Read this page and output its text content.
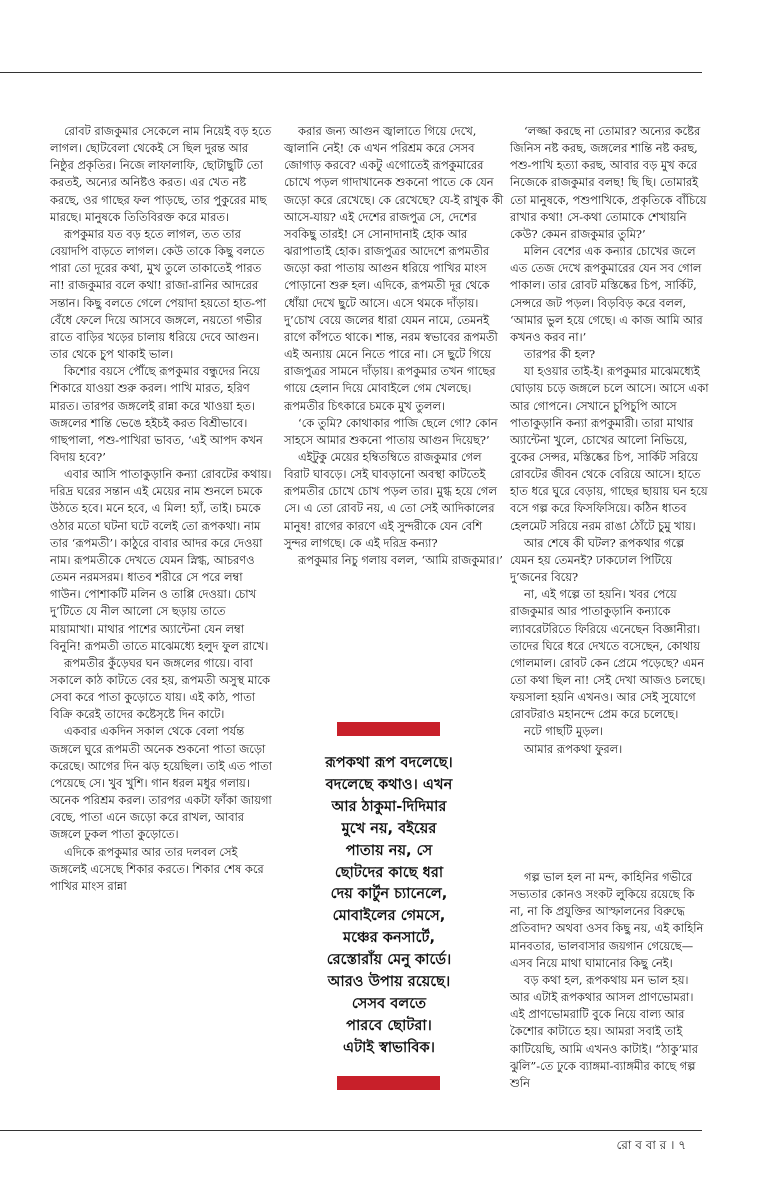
রোবট রাজকুমার সেকেলে নাম নিয়েই বড় হতে লাগল। ছোটবেলা থেকেই সে ছিল দুরন্ত আর নিষ্ঠুর প্রকৃতির। নিজে লাফালাফি, ছোটাছুটি তো করতই, অন্যের অনিষ্টও করত। এর খেত নষ্ট করছে, ওর গাছের ফল পাড়ছে, তার পুকুরের মাছ মারছে। মানুষকে তিতিবিরক্ত করে মারত।

রূপকুমার যত বড় হতে লাগল, তত তার বেয়াদপি বাড়তে লাগল। কেউ তাকে কিছু বলতে পারা তো দূরের কথা, মুখ তুলে তাকাতেই পারত না! রাজকুমার বলে কথা! রাজা-রানির আদরের সন্তান। কিছু বলতে গেলে পেয়াদা হয়তো হাত-পা বেঁধে ফেলে দিয়ে আসবে জঙ্গলে, নয়তো গভীর রাতে বাড়ির খড়ের চালায় ধরিয়ে দেবে আগুন। তার থেকে চুপ থাকাই ভাল।

কিশোর বয়সে পৌঁছে রূপকুমার বন্ধুদের নিয়ে শিকারে যাওয়া শুরু করল। পাখি মারত, হরিণ মারত। তারপর জঙ্গলেই রান্না করে খাওয়া হত। জঙ্গলের শান্তি ভেঙে হইচই করত বিশ্রীভাবে। গাছপালা, পশু-পাখিরা ভাবত, ‘এই আপদ কখন বিদায় হবে?’

এবার আসি পাতাকুড়ানি কন্যা রোবটের কথায়। দরিদ্র ঘরের সন্তান এই মেয়ের নাম শুনলে চমকে উঠতে হবে। মনে হবে, এ মিল! হ্যাঁ, তাই। চমকে ওঠার মতো ঘটনা ঘটে বলেই তো রূপকথা। নাম তার ‘রূপমতী’। কাঠুরে বাবার আদর করে দেওয়া নাম। রূপমতীকে দেখতে যেমন স্নিগ্ধ, আচরণও তেমন নরমসরম। ধাতব শরীরে সে পরে লম্বা গাউন। পোশাকটি মলিন ও তাপ্পি দেওয়া। চোখ দু’টিতে যে নীল আলো সে ছড়ায় তাতে মায়ামাখা। মাথার পাশের অ্যান্টেনা যেন লম্বা বিনুনি! রূপমতী তাতে মাঝেমধ্যে হলুদ ফুল রাখে।

রূপমতীর কুঁড়েঘর ঘন জঙ্গলের গায়ে। বাবা সকালে কাঠ কাটতে বের হয়, রূপমতী অসুস্থ মাকে সেবা করে পাতা কুড়োতে যায়। এই কাঠ, পাতা বিক্রি করেই তাদের কষ্টেসৃষ্টে দিন কাটে।

একবার একদিন সকাল থেকে বেলা পর্যন্ত জঙ্গলে ঘুরে রূপমতী অনেক শুকনো পাতা জড়ো করেছে। আগের দিন ঝড় হয়েছিল। তাই এত পাতা পেয়েছে সে। খুব খুশি। গান ধরল মধুর গলায়। অনেক পরিশ্রম করল। তারপর একটা ফাঁকা জায়গা বেছে, পাতা এনে জড়ো করে রাখল, আবার জঙ্গলে ঢুকল পাতা কুড়োতে।

এদিকে রূপকুমার আর তার দলবল সেই জঙ্গলেই এসেছে শিকার করতে। শিকার শেষ করে পাখির মাংস রান্না

করার জন্য আগুন জ্বালাতে গিয়ে দেখে, জ্বালানি নেই! কে এখন পরিশ্রম করে সেসব জোগাড় করবে? একটু এগোতেই রূপকুমারের চোখে পড়ল গাদাখানেক শুকনো পাতে কে যেন জড়ো করে রেখেছে। কে রেখেছে? যে-ই রাখুক কী আসে-যায়? এই দেশের রাজপুত্র সে, দেশের সবকিছু তারই! সে সোনাদানাই হোক আর ঝরাপাতাই হোক। রাজপুত্রর আদেশে রূপমতীর জড়ো করা পাতায় আগুন ধরিয়ে পাখির মাংস পোড়ানো শুরু হল। এদিকে, রূপমতী দূর থেকে ধোঁয়া দেখে ছুটে আসে। এসে থমকে দাঁড়ায়। দু’চোখ বেয়ে জলের ধারা যেমন নামে, তেমনই রাগে কাঁপতে থাকে। শান্ত, নরম স্বভাবের রূপমতী এই অন্যায় মেনে নিতে পারে না। সে ছুটে গিয়ে রাজপুত্রর সামনে দাঁড়ায়। রূপকুমার তখন গাছের গায়ে হেলান দিয়ে মোবাইলে গেম খেলছে। রূপমতীর চিৎকারে চমকে মুখ তুলল।

‘কে তুমি? কোথাকার পাজি ছেলে গো? কোন সাহসে আমার শুকনো পাতায় আগুন দিয়েছ?’

এইটুকু মেয়ের হম্বিতম্বিতে রাজকুমার গেল বিরাট ঘাবড়ে। সেই ঘাবড়ানো অবস্থা কাটতেই রূপমতীর চোখে চোখ পড়ল তার। মুগ্ধ হয়ে গেল সে। এ তো রোবট নয়, এ তো সেই আদিকালের মানুষ! রাগের কারণে এই সুন্দরীকে যেন বেশি সুন্দর লাগছে। কে এই দরিদ্র কন্যা?

রূপকুমার নিচু গলায় বলল, ‘আমি রাজকুমার।’

‘লজ্জা করছে না তোমার? অন্যের কষ্টের জিনিস নষ্ট করছ, জঙ্গলের শান্তি নষ্ট করছ, পশু-পাখি হত্যা করছ, আবার বড় মুখ করে নিজেকে রাজকুমার বলছ! ছি ছি। তোমারই তো মানুষকে, পশুপাখিকে, প্রকৃতিকে বাঁচিয়ে রাখার কথা! সে-কথা তোমাকে শেখায়নি কেউ? কেমন রাজকুমার তুমি?’

মলিন বেশের এক কন্যার চোখের জলে এত তেজ দেখে রূপকুমারের যেন সব গোল পাকাল। তার রোবট মস্তিষ্কের চিপ, সার্কিট, সেন্সরে জট পড়ল। বিড়বিড় করে বলল, ‘আমার ভুল হয়ে গেছে। এ কাজ আমি আর কখনও করব না।’

তারপর কী হল?

যা হওয়ার তাই-ই। রূপকুমার মাঝেমধ্যেই ঘোড়ায় চড়ে জঙ্গলে চলে আসে। আসে একা আর গোপনে। সেখানে চুপিচুপি আসে পাতাকুড়ানি কন্যা রূপকুমারী। তারা মাথার অ্যান্টেনা খুলে, চোখের আলো নিভিয়ে, বুকের সেন্সর, মস্তিষ্কের চিপ, সার্কিট সরিয়ে রোবটের জীবন থেকে বেরিয়ে আসে। হাতে হাত ধরে ঘুরে বেড়ায়, গাছের ছায়ায় ঘন হয়ে বসে গল্প করে ফিসফিসিয়ে। কঠিন ধাতব হেলমেট সরিয়ে নরম রাঙা ঠোঁটে চুমু খায়।

আর শেষে কী ঘটল? রূপকথার গল্পে যেমন হয় তেমনই? ঢাকঢোল পিটিয়ে দু’জনের বিয়ে?

না, এই গল্পে তা হয়নি। খবর পেয়ে রাজকুমার আর পাতাকুড়ানি কন্যাকে ল্যাবরেটরিতে ফিরিয়ে এনেছেন বিজ্ঞানীরা। তাদের ঘিরে ধরে দেখতে বসেছেন, কোথায় গোলমাল। রোবট কেন প্রেমে পড়েছে? এমন তো কথা ছিল না! সেই দেখা আজও চলছে। ফয়সালা হয়নি এখনও। আর সেই সুযোগে রোবটরাও মহানন্দে প্রেম করে চলেছে।

নটে গাছটি মুড়ল।

আমার রূপকথা ফুরল।

গল্প ভাল হল না মন্দ, কাহিনির গভীরে সভ্যতার কোনও সংকট লুকিয়ে রয়েছে কি না, না কি প্রযুক্তির আস্ফালনের বিরুদ্ধে প্রতিবাদ? অথবা ওসব কিছু নয়, এই কাহিনি মানবতার, ভালবাসার জয়গান গেয়েছে— এসব নিয়ে মাথা ঘামানোর কিছু নেই।

বড় কথা হল, রূপকথায় মন ভাল হয়। আর এটাই রূপকথার আসল প্রাণভোমরা। এই প্রাণভোমরাটি বুকে নিয়ে বাল্য আর কৈশোর কাটাতে হয়। আমরা সবাই তাই কাটিয়েছি, আমি এখনও কাটাই। “ঠাকু’মার ঝুলি”-তে ঢুকে ব্যাঙ্গমা-ব্যাঙ্গমীর কাছে গল্প শুনি

রূপকথা রূপ বদলেছে।
বদলেছে কথাও। এখন
আর ঠাকুমা-দিদিমার
মুখে নয়, বইয়ের
পাতায় নয়, সে
ছোটদের কাছে ধরা
দেয় কার্টুন চ্যানেলে,
মোবাইলের গেমসে,
মঞ্চের কনসার্টে,
রেস্তোরাঁয় মেনু কার্ডে।
আরও উপায় রয়েছে।
সেসব বলতে
পারবে ছোটরা।
এটাই স্বাভাবিক।
রো ব বা র । ৭
